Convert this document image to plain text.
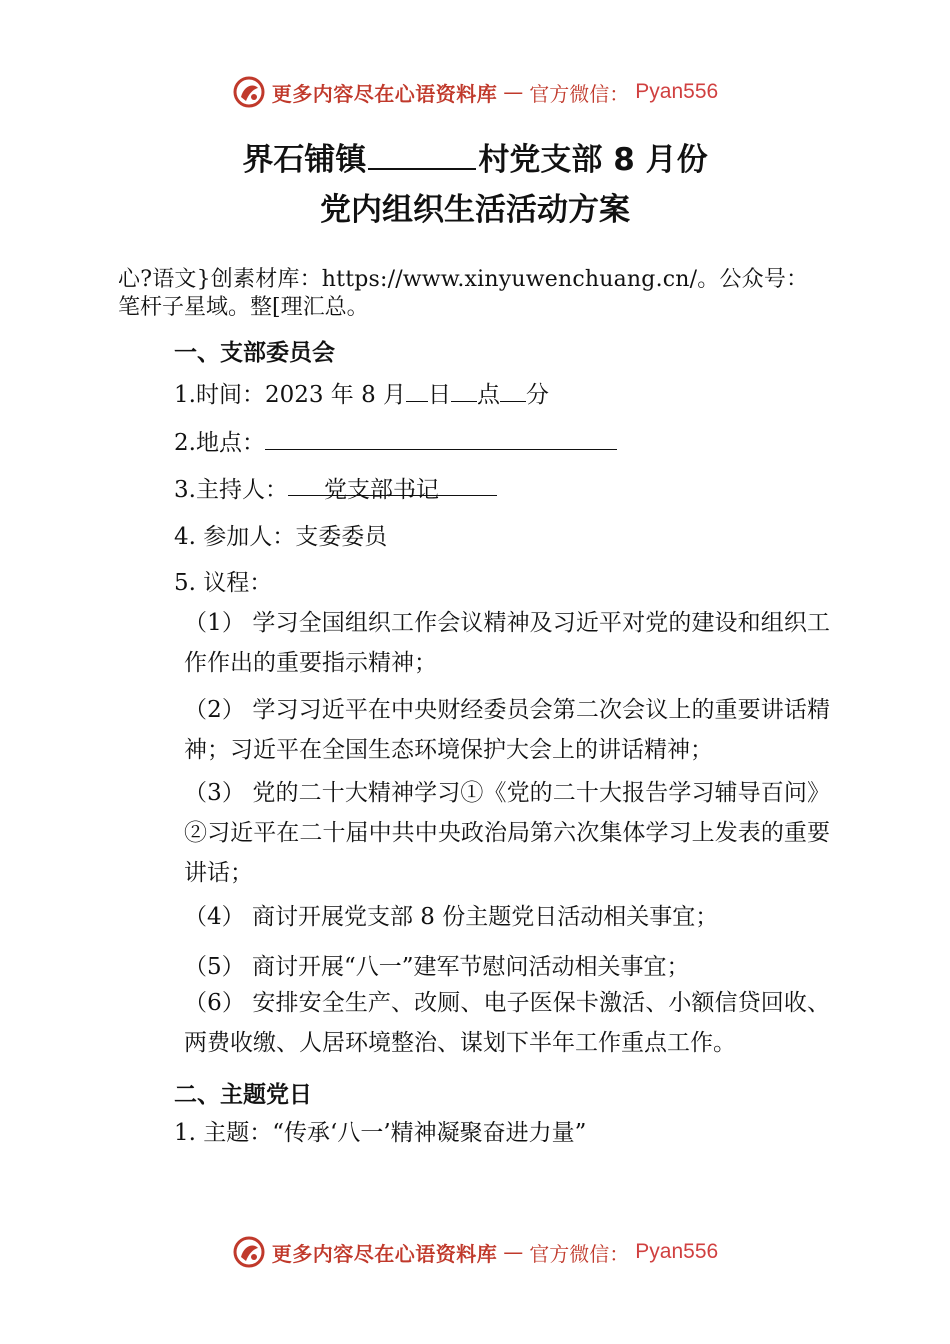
更多内容尽在心语资料库 — 官方微信： Pyan556
界石铺镇	村党支部 8 月份
党内组织生活活动方案
心?语文}创素材库：https://www.xinyuwenchuang.cn/。公众号：
笔杆子星域。整[理汇总。
一、支部委员会
1.时间：2023 年 8 月 日 点 分
2.地点：
3.主持人： 党支部书记
4. 参加人：支委委员
5. 议程：
（1） 学习全国组织工作会议精神及习近平对党的建设和组织工作作出的重要指示精神；
（2） 学习习近平在中央财经委员会第二次会议上的重要讲话精神；习近平在全国生态环境保护大会上的讲话精神；
（3） 党的二十大精神学习①《党的二十大报告学习辅导百问》②习近平在二十届中共中央政治局第六次集体学习上发表的重要讲话；
（4） 商讨开展党支部 8 份主题党日活动相关事宜；
（5） 商讨开展“八一”建军节慰问活动相关事宜；
（6） 安排安全生产、改厕、电子医保卡激活、小额信贷回收、两费收缴、人居环境整治、谋划下半年工作重点工作。
二、主题党日
1. 主题：“传承‘八一’精神凝聚奋进力量”
更多内容尽在心语资料库 — 官方微信： Pyan556
